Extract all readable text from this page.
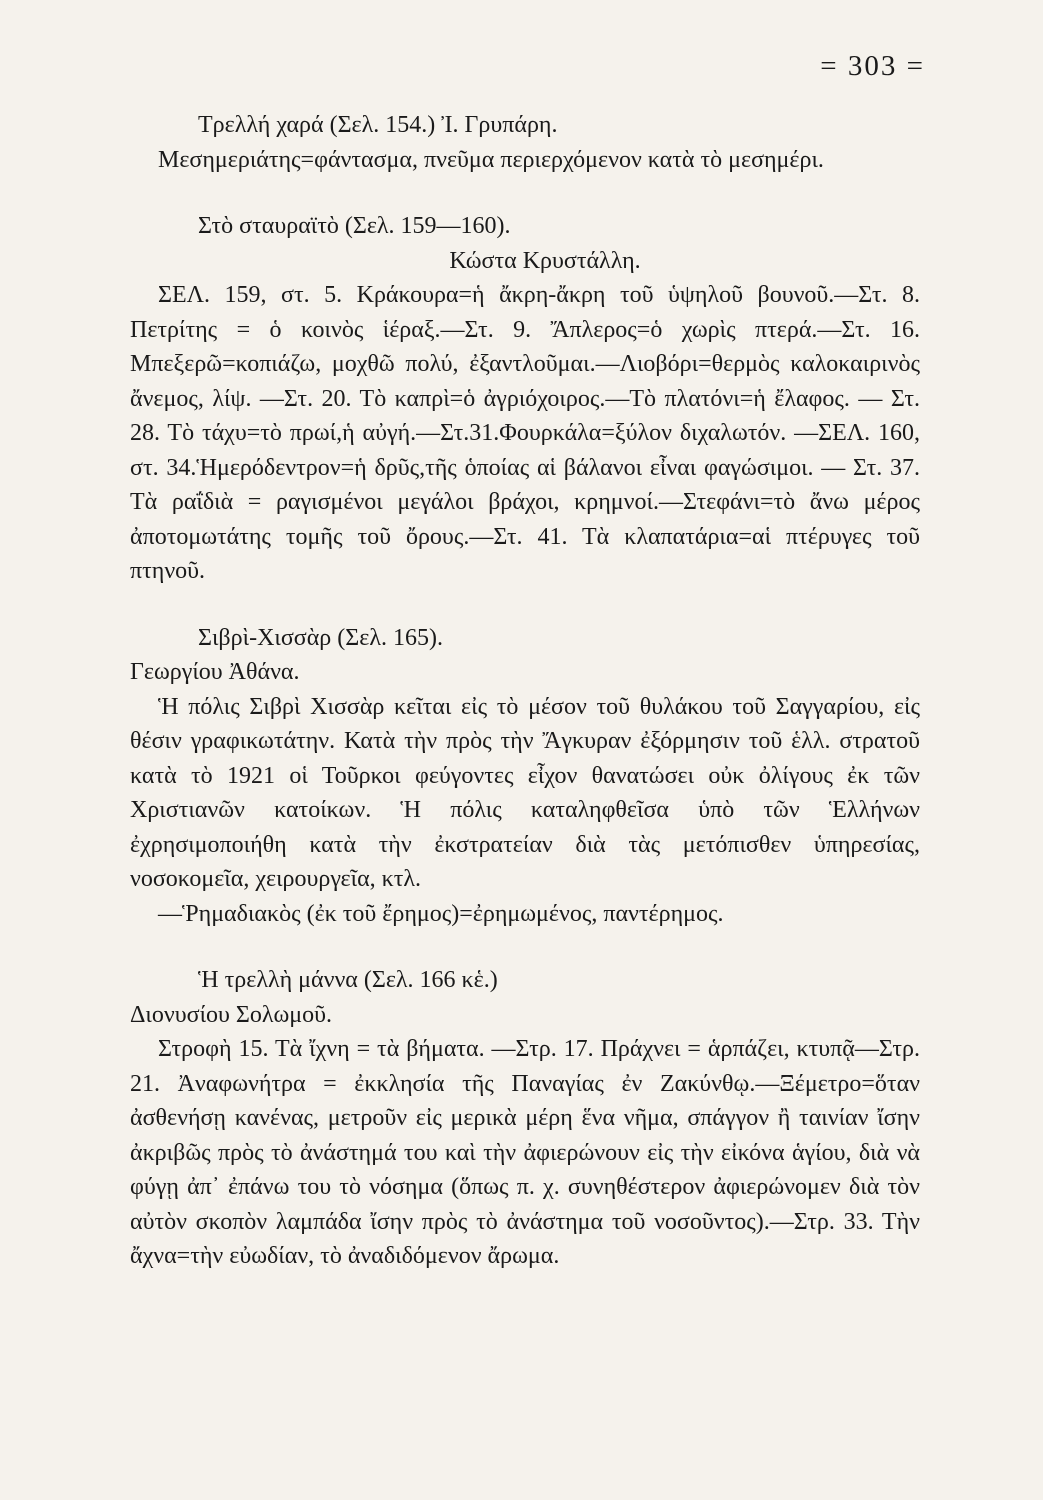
= 303 =

Τρελλή χαρά (Σελ. 154.) Ἰ. Γρυπάρη.

Μεσημεριάτης=φάντασμα, πνεῦμα περιερχόμενον κατὰ τὸ μεσημέρι.

Στὸ σταυραϊτὸ (Σελ. 159—160).

Κώστα Κρυστάλλη.

ΣΕΛ. 159, στ. 5. Κράκουρα=ἡ ἄκρη-ἄκρη τοῦ ὑψηλοῦ βουνοῦ.—Στ. 8. Πετρίτης = ὁ κοινὸς ἱέραξ.—Στ. 9. Ἄπλερος=ὁ χωρὶς πτερά.—Στ. 16. Μπεξερῶ=κοπιάζω, μοχθῶ πολύ, ἐξαντλοῦμαι.—Λιοβόρι=θερμὸς καλοκαιρινὸς ἄνεμος, λίψ. —Στ. 20. Τὸ καπρὶ=ὁ ἀγριόχοιρος.—Τὸ πλατόνι=ἡ ἔλαφος. — Στ. 28. Τὸ τάχυ=τὸ πρωί,ἡ αὐγή.—Στ.31.Φουρκάλα=ξύλον διχαλωτόν. —ΣΕΛ. 160, στ. 34.Ἡμερόδεντρον=ἡ δρῦς,τῆς ὁποίας αἱ βάλανοι εἶναι φαγώσιμοι. — Στ. 37. Τὰ ραΐδιὰ = ραγισμένοι μεγάλοι βράχοι, κρημνοί.—Στεφάνι=τὸ ἄνω μέρος ἀποτομωτάτης τομῆς τοῦ ὄρους.—Στ. 41. Τὰ κλαπατάρια=αἱ πτέρυγες τοῦ πτηνοῦ.

Σιβρὶ-Χισσὰρ (Σελ. 165).

Γεωργίου Ἀθάνα.

Ἡ πόλις Σιβρὶ Χισσὰρ κεῖται εἰς τὸ μέσον τοῦ θυλάκου τοῦ Σαγγαρίου, εἰς θέσιν γραφικωτάτην. Κατὰ τὴν πρὸς τὴν Ἄγκυραν ἐξόρμησιν τοῦ ἑλλ. στρατοῦ κατὰ τὸ 1921 οἱ Τοῦρκοι φεύγοντες εἶχον θανατώσει οὐκ ὀλίγους ἐκ τῶν Χριστιανῶν κατοίκων. Ἡ πόλις καταληφθεῖσα ὑπὸ τῶν Ἑλλήνων ἐχρησιμοποιήθη κατὰ τὴν ἐκστρατείαν διὰ τὰς μετόπισθεν ὑπηρεσίας, νοσοκομεῖα, χειρουργεῖα, κτλ.

—Ῥημαδιακὸς (ἐκ τοῦ ἔρημος)=ἐρημωμένος, παντέρημος.

Ἡ τρελλὴ μάννα (Σελ. 166 κἑ.)

Διονυσίου Σολωμοῦ.

Στροφὴ 15. Τὰ ἴχνη = τὰ βήματα. —Στρ. 17. Πράχνει = ἁρπάζει, κτυπᾷ—Στρ. 21. Ἀναφωνήτρα = ἐκκλησία τῆς Παναγίας ἐν Ζακύνθῳ.—Ξέμετρο=ὅταν ἀσθενήσῃ κανένας, μετροῦν εἰς μερικὰ μέρη ἕνα νῆμα, σπάγγον ἢ ταινίαν ἴσην ἀκριβῶς πρὸς τὸ ἀνάστημά του καὶ τὴν ἀφιερώνουν εἰς τὴν εἰκόνα ἁγίου, διὰ νὰ φύγῃ ἀπ᾽ ἐπάνω του τὸ νόσημα (ὅπως π. χ. συνηθέστερον ἀφιερώνομεν διὰ τὸν αὐτὸν σκοπὸν λαμπάδα ἴσην πρὸς τὸ ἀνάστημα τοῦ νοσοῦντος).—Στρ. 33. Τὴν ἄχνα=τὴν εὐωδίαν, τὸ ἀναδιδόμενον ἄρωμα.
